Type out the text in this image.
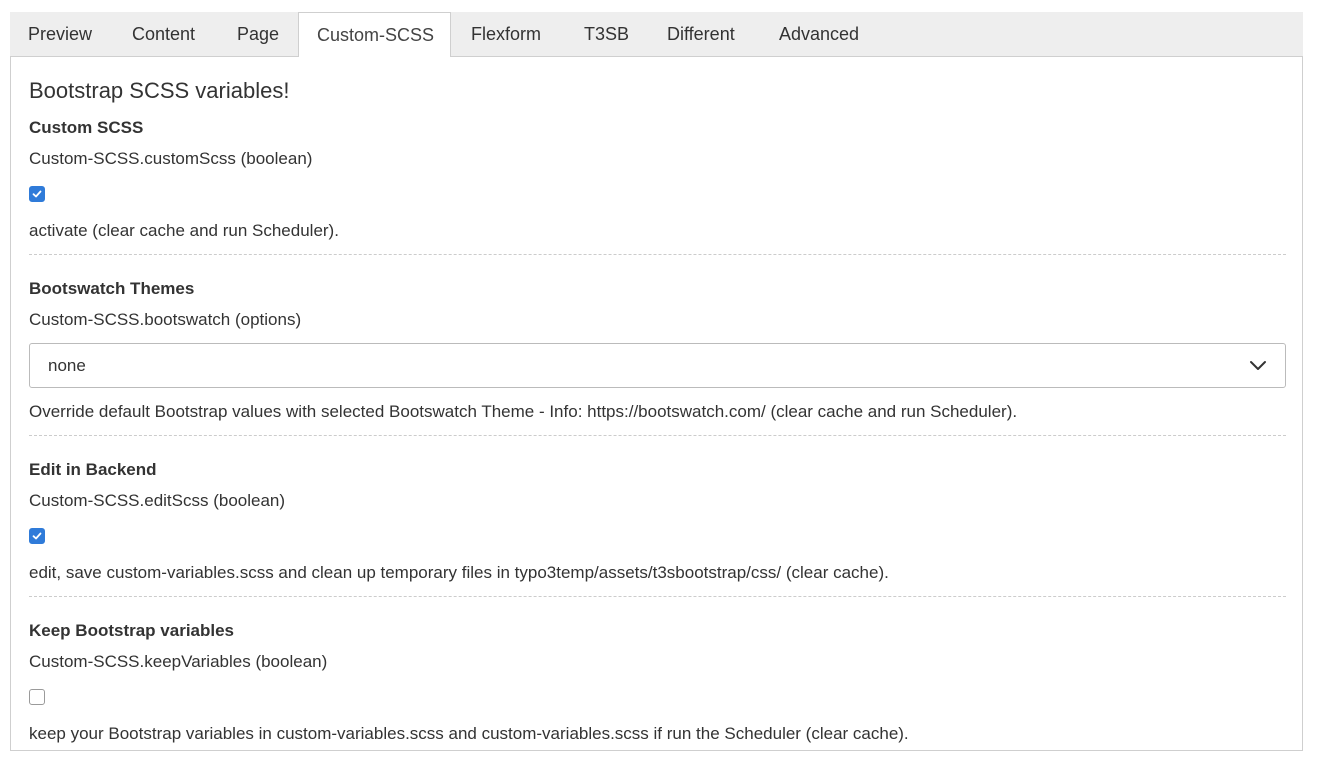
Preview	Content	Page	Custom-SCSS	Flexform	T3SB	Different	Advanced
Bootstrap SCSS variables!
Custom SCSS
Custom-SCSS.customScss (boolean)
activate (clear cache and run Scheduler).
Bootswatch Themes
Custom-SCSS.bootswatch (options)
none
Override default Bootstrap values with selected Bootswatch Theme - Info: https://bootswatch.com/ (clear cache and run Scheduler).
Edit in Backend
Custom-SCSS.editScss (boolean)
edit, save custom-variables.scss and clean up temporary files in typo3temp/assets/t3sbootstrap/css/ (clear cache).
Keep Bootstrap variables
Custom-SCSS.keepVariables (boolean)
keep your Bootstrap variables in custom-variables.scss and custom-variables.scss if run the Scheduler (clear cache).
